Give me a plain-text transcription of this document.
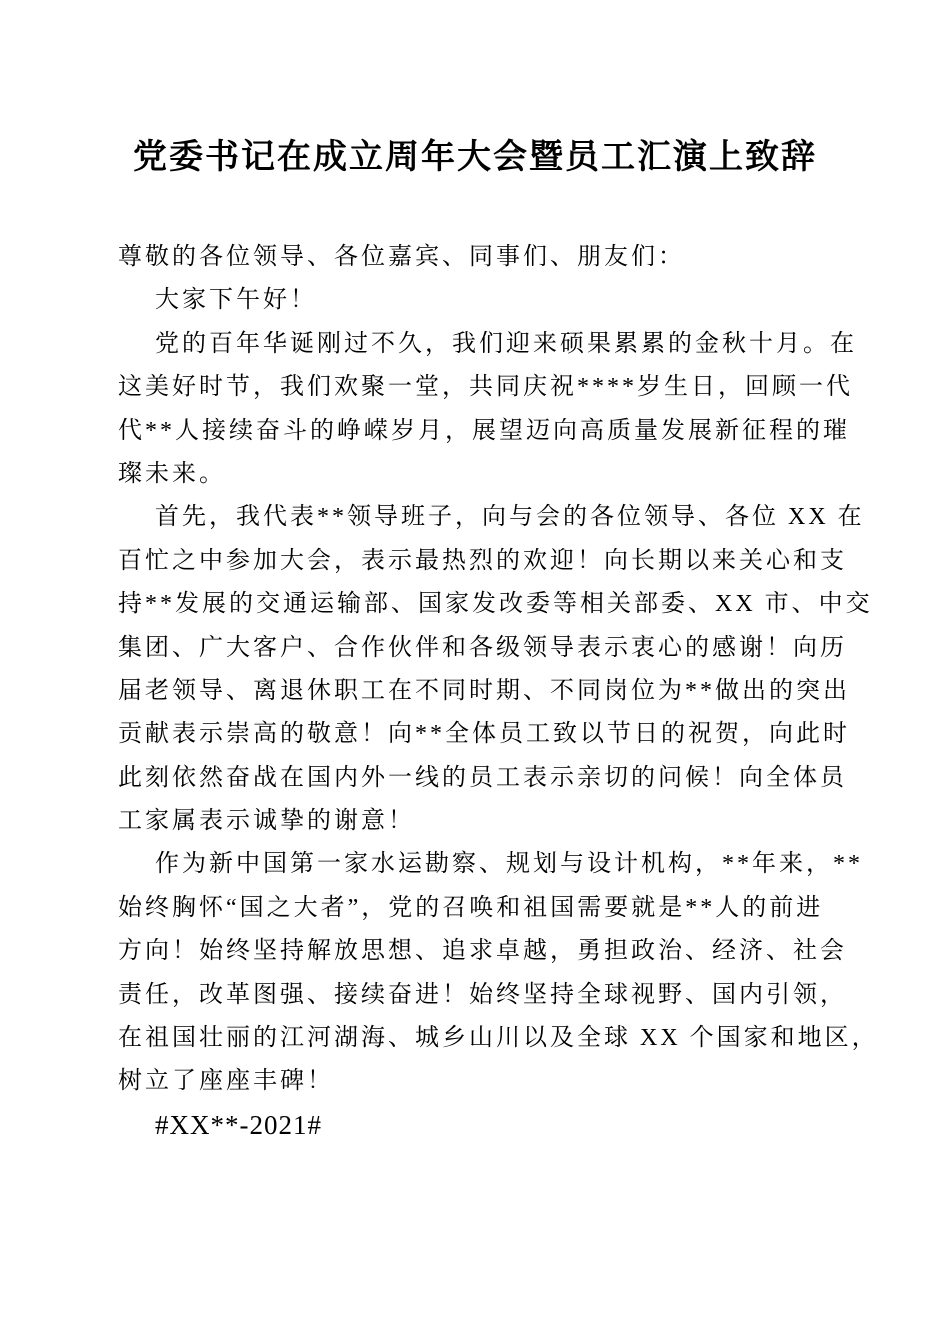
党委书记在成立周年大会暨员工汇演上致辞
尊敬的各位领导、各位嘉宾、同事们、朋友们：
大家下午好！
党的百年华诞刚过不久，我们迎来硕果累累的金秋十月。在
这美好时节，我们欢聚一堂，共同庆祝****岁生日，回顾一代
代**人接续奋斗的峥嵘岁月，展望迈向高质量发展新征程的璀
璨未来。
首先，我代表**领导班子，向与会的各位领导、各位 XX 在
百忙之中参加大会，表示最热烈的欢迎！向长期以来关心和支
持**发展的交通运输部、国家发改委等相关部委、XX 市、中交
集团、广大客户、合作伙伴和各级领导表示衷心的感谢！向历
届老领导、离退休职工在不同时期、不同岗位为**做出的突出
贡献表示崇高的敬意！向**全体员工致以节日的祝贺，向此时
此刻依然奋战在国内外一线的员工表示亲切的问候！向全体员
工家属表示诚挚的谢意！
作为新中国第一家水运勘察、规划与设计机构，**年来，**
始终胸怀“国之大者”，党的召唤和祖国需要就是**人的前进
方向！始终坚持解放思想、追求卓越，勇担政治、经济、社会
责任，改革图强、接续奋进！始终坚持全球视野、国内引领，
在祖国壮丽的江河湖海、城乡山川以及全球 XX 个国家和地区，
树立了座座丰碑！
#XX**-2021#
